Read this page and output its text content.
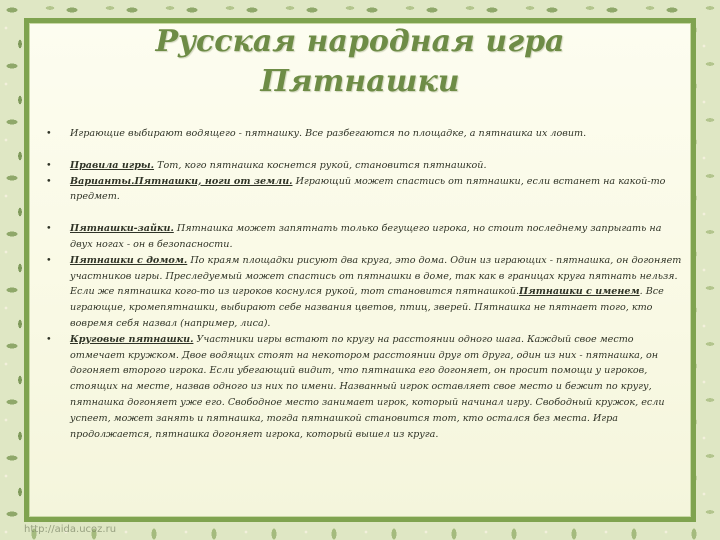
Русская народная игра
Пятнашки
• Играющие выбирают водящего - пятнашку. Все разбегаются по площадке, а пятнашка их ловит.
• Правила игры. Тот, кого пятнашка коснется рукой, становится пятнашкой.
• Варианты.Пятнашки, ноги от земли. Играющий может спастись от пятнашки, если встанет на какой-то предмет.
• Пятнашки-зайки. Пятнашка может запятнать только бегущего игрока, но стоит последнему запрыгать на двух ногах - он в безопасности.
• Пятнашки с домом. По краям площадки рисуют два круга, это дома. Один из играющих - пятнашка, он догоняет участников игры. Преследуемый может спастись от пятнашки в доме, так как в границах круга пятнать нельзя. Если же пятнашка кого-то из игроков коснулся рукой, тот становится пятнашкой.Пятнашки с именем. Все играющие, кромепятнашки, выбирают себе названия цветов, птиц, зверей. Пятнашка не пятнает того, кто вовремя себя назвал (например, лиса).
• Круговые пятнашки. Участники игры встают по кругу на расстоянии одного шага. Каждый свое место отмечает кружком. Двое водящих стоят на некотором расстоянии друг от друга, один из них - пятнашка, он догоняет второго игрока. Если убегающий видит, что пятнашка его догоняет, он просит помощи у игроков, стоящих на месте, назвав одного из них по имени. Названный игрок оставляет свое место и бежит по кругу, пятнашка догоняет уже его. Свободное место занимает игрок, который начинал игру. Свободный кружок, если успеет, может занять и пятнашка, тогда пятнашкой становится тот, кто остался без места. Игра продолжается, пятнашка догоняет игрока, который вышел из круга.
http://aida.ucoz.ru
